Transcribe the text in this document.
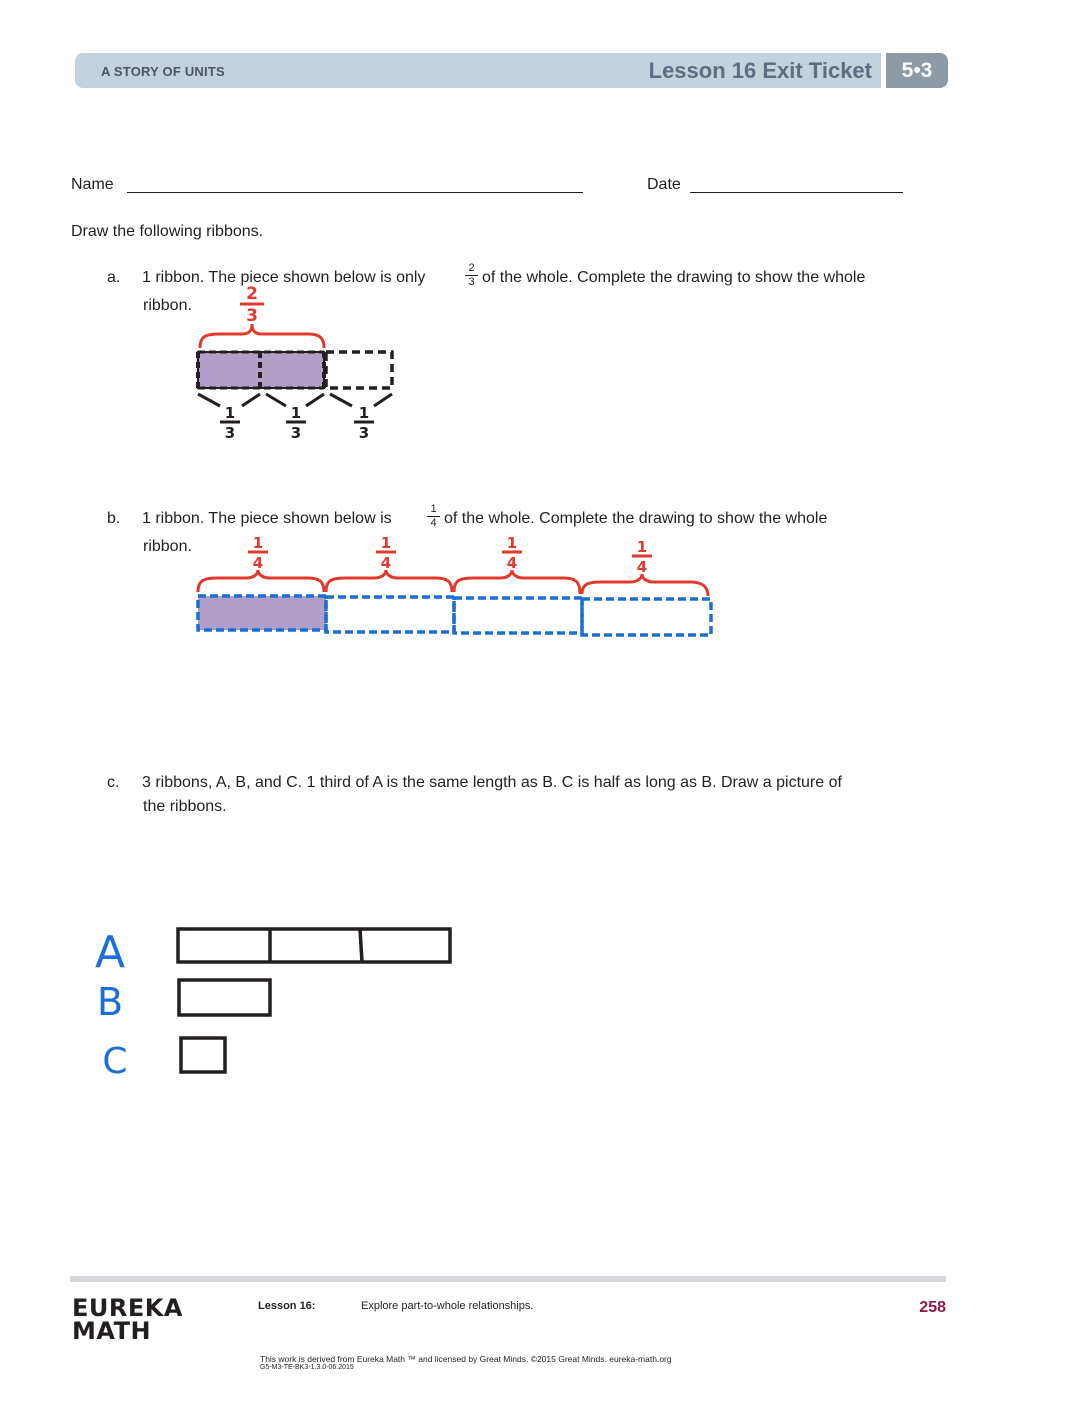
A STORY OF UNITS	Lesson 16 Exit Ticket	5•3
Name	Date
Draw the following ribbons.
a. 1 ribbon. The piece shown below is only
2
3 of the whole. Complete the drawing to show the whole
ribbon.
2
3
1
3
1
3
1
3
b. 1 ribbon. The piece shown below is
1
4 of the whole. Complete the drawing to show the whole
ribbon.	1
4
1
4
1
4
1
4
c. 3 ribbons, A, B, and C. 1 third of A is the same length as B. C is half as long as B. Draw a picture of
the ribbons.
A
B
C
EUREKA
MATH
Lesson 16:	Explore part-to-whole relationships.	258
This work is derived from Eureka Math ™ and licensed by Great Minds. ©2015 Great Minds. eureka-math.org
G5-M3-TE-BK3-1.3.0-06.2015
